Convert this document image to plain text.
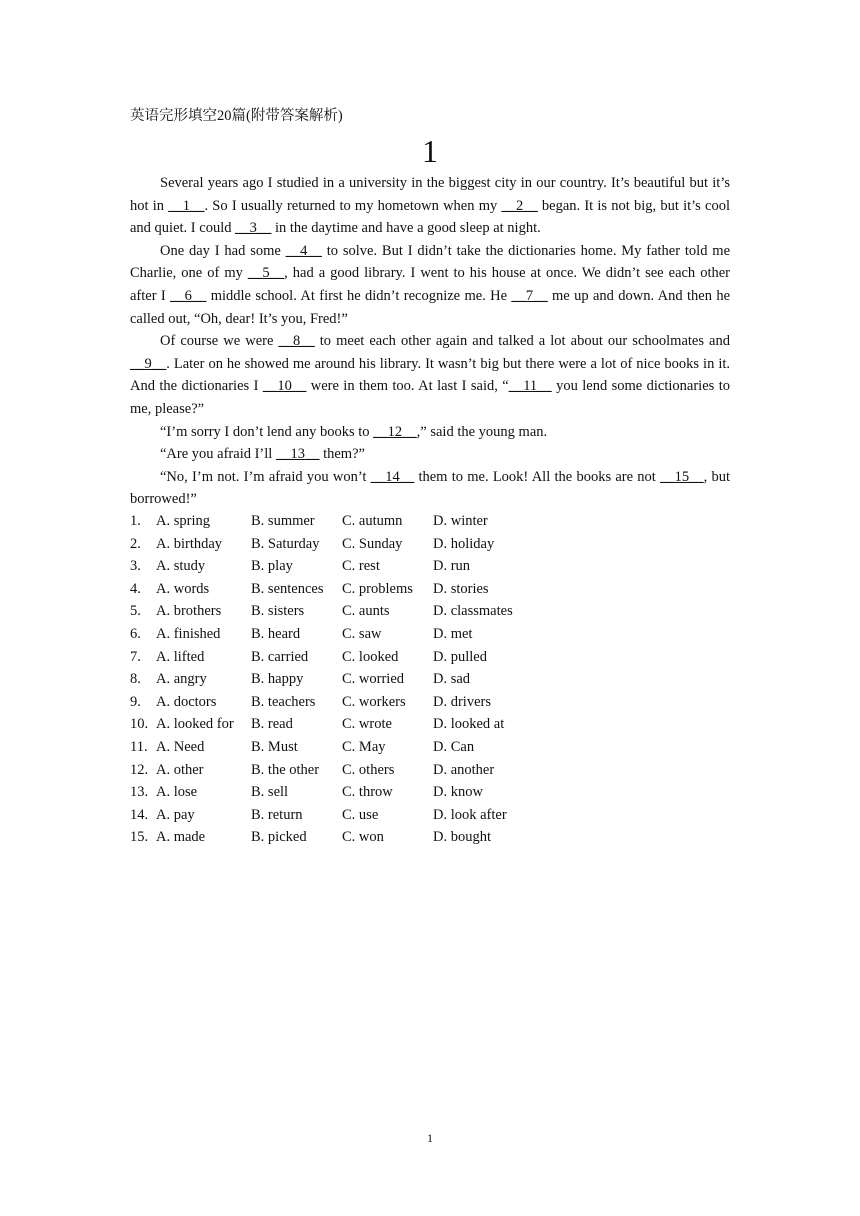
英语完形填空20篇(附带答案解析)
1

Several years ago I studied in a university in the biggest city in our country. It’s beautiful but it’s hot in __1__. So I usually returned to my hometown when my __2__ began. It is not big, but it’s cool and quiet. I could __3__ in the daytime and have a good sleep at night.

One day I had some __4__ to solve. But I didn’t take the dictionaries home. My father told me Charlie, one of my __5__, had a good library. I went to his house at once. We didn’t see each other after I __6__ middle school. At first he didn’t recognize me. He __7__ me up and down. And then he called out, “Oh, dear! It’s you, Fred!”

Of course we were __8__ to meet each other again and talked a lot about our schoolmates and __9__. Later on he showed me around his library. It wasn’t big but there were a lot of nice books in it. And the dictionaries I __10__ were in them too. At last I said, “__11__ you lend some dictionaries to me, please?”

“I’m sorry I don’t lend any books to __12__,” said the young man.

“Are you afraid I’ll __13__ them?”

“No, I’m not. I’m afraid you won’t __14__ them to me. Look! All the books are not __15__, but borrowed!”

1. A. spring	B. summer C. autumn D. winter
2. A. birthday B. Saturday C. Sunday D. holiday
3. A. study	B. play	C. rest	D. run
4. A. words	B. sentences C. problems D. stories
5. A. brothers B. sisters	C. aunts	D. classmates
6. A. finished B. heard	C. saw	D. met
7. A. lifted	B. carried C. looked D. pulled
8. A. angry	B. happy	C. worried D. sad
9. A. doctors B. teachers C. workers D. drivers
10. A. looked for B. read	C. wrote	D. looked at
11. A. Need	B. Must	C. May	D. Can
12. A. other	B. the other C. others	D. another
13. A. lose	B. sell	C. throw	D. know
14. A. pay	B. return	C. use	D. look after
15. A. made	B. picked C. won	D. bought
1
